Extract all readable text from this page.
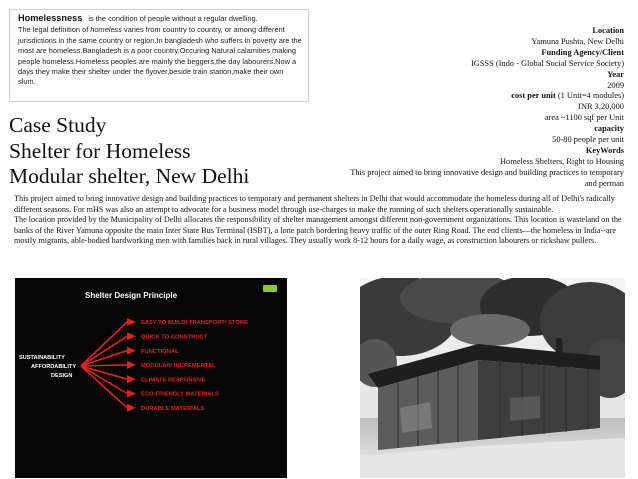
Homelessness is the condition of people without a regular dwelling.

The legal definition of homeless varies from country to country, or among different jurisdictions in the same country or region.In bangladesh who suffers in poverty are the most are homeless.Bangladesh is a poor country.Occuring Natural calamities making people homeless.Homeless peoples are mainly the beggers,the day labourers.Now a days they make their shelter under the flyover,beside train station,make their own slum.

Location
Yamuna Pushta, New Delhi
Funding Agency/Client
IGSSS (Indo - Global Social Service Society)
Year
2009
cost per unit (1 Unit=4 modules)
INR 3,20,000
area ~1100 sqf per Unit
capacity
50-80 people per unit
KeyWords
Homeless Shelters, Right to Housing
This project aimed to bring innovative design and building practices to temporary
and perman
Case Study
Shelter for Homeless
Modular shelter, New Delhi

This project aimed to bring innovative design and building practices to temporary and permanent shelters in Delhi that would accommodate the homeless during all of Delhi's radically different seasons. For mHS was also an attempt to advocate for a business model through use-charges to make the running of such shelters operationally sustainable.

The location provided by the Municipality of Delhi allocates the responsibility of shelter management amongst different non-government organizations. This location is wasteland on the banks of the River Yamuna opposite the main Inter State Bus Terminal (ISBT), a lone patch bordering heavy traffic of the outer Ring Road. The end clients—the homeless in India--are mostly migrants, able-bodied hardworking men with families back in rural villages. They usually work 8-12 hours for a daily wage, as construction labourers or rickshaw pullers.

Shelter Design Principle
SUSTAINABILITY
AFFORDABILITY
DESIGN
EASY TO BUILD/ TRANSPORT/ STORE
QUICK TO CONSTRUCT
FUNCTIONAL
MODULAR/ INCREMENTAL
CLIMATE RESPONSIVE
ECO-FRIENDLY MATERIALS
DURABLE MATERIALS
